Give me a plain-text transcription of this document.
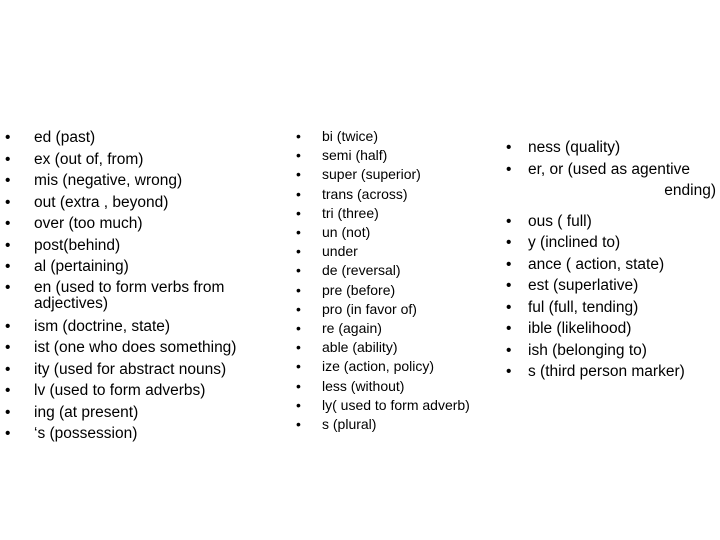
• ed (past)
• ex (out of, from)
• mis (negative, wrong)
• out (extra , beyond)
• over (too much)
• post(behind)
• al (pertaining)
• en (used to form verbs from adjectives)
• ism (doctrine, state)
• ist (one who does something)
• ity (used for abstract nouns)
• lv (used to form adverbs)
• ing (at present)
• ‘s (possession)
• bi (twice)
• semi (half)
• super (superior)
• trans (across)
• tri (three)
• un (not)
• under
• de (reversal)
• pre (before)
• pro (in favor of)
• re (again)
• able (ability)
• ize (action, policy)
• less (without)
• ly( used to form adverb)
• s (plural)
• ness (quality)
• er, or (used as agentive
ending)
• ous ( full)
• y (inclined to)
• ance ( action, state)
• est (superlative)
• ful (full, tending)
• ible (likelihood)
• ish (belonging to)
• s (third person marker)
